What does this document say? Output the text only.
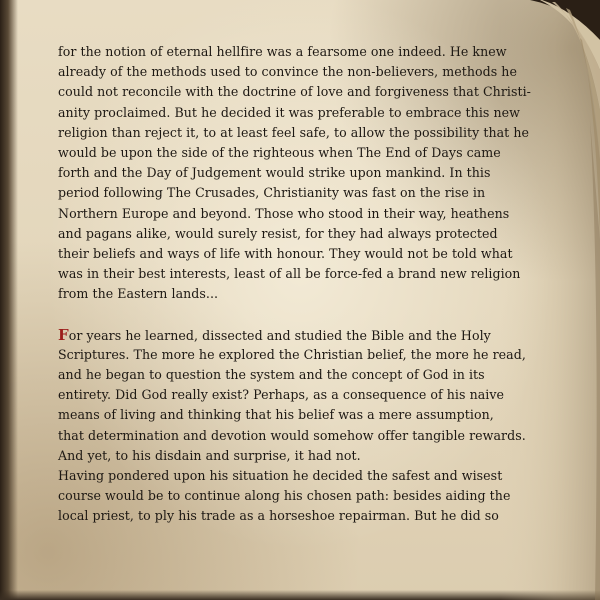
for the notion of eternal hellfire was a fearsome one indeed. He knew
already of the methods used to convince the non-believers, methods he
could not reconcile with the doctrine of love and forgiveness that Christi-
anity proclaimed. But he decided it was preferable to embrace this new
religion than reject it, to at least feel safe, to allow the possibility that he
would be upon the side of the righteous when The End of Days came
forth and the Day of Judgement would strike upon mankind. In this
period following The Crusades, Christianity was fast on the rise in
Northern Europe and beyond. Those who stood in their way, heathens
and pagans alike, would surely resist, for they had always protected
their beliefs and ways of life with honour. They would not be told what
was in their best interests, least of all be force-fed a brand new religion
from the Eastern lands...
For years he learned, dissected and studied the Bible and the Holy
Scriptures. The more he explored the Christian belief, the more he read,
and he began to question the system and the concept of God in its
entirety. Did God really exist? Perhaps, as a consequence of his naive
means of living and thinking that his belief was a mere assumption,
that determination and devotion would somehow offer tangible rewards.
And yet, to his disdain and surprise, it had not.
Having pondered upon his situation he decided the safest and wisest
course would be to continue along his chosen path: besides aiding the
local priest, to ply his trade as a horseshoe repairman. But he did so
